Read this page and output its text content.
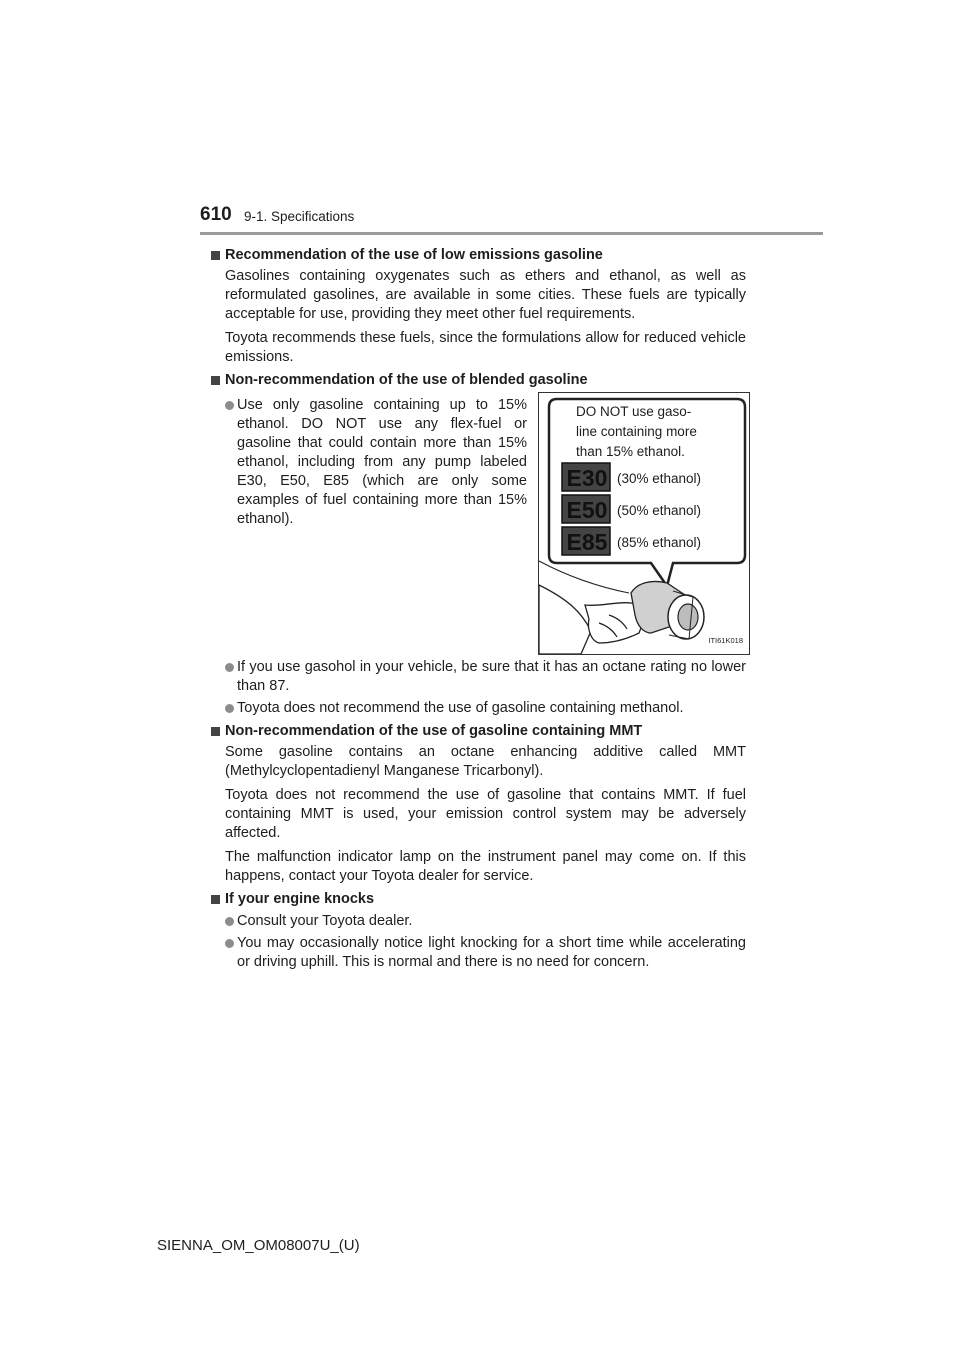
610 9-1. Specifications
Recommendation of the use of low emissions gasoline
Gasolines containing oxygenates such as ethers and ethanol, as well as reformulated gasolines, are available in some cities. These fuels are typically acceptable for use, providing they meet other fuel requirements.
Toyota recommends these fuels, since the formulations allow for reduced vehicle emissions.
Non-recommendation of the use of blended gasoline
Use only gasoline containing up to 15% ethanol. DO NOT use any flex-fuel or gasoline that could contain more than 15% ethanol, including from any pump labeled E30, E50, E85 (which are only some examples of fuel containing more than 15% ethanol).
DO NOT use gaso-
line containing more
than 15% ethanol.
E30 (30% ethanol)
E50 (50% ethanol)
E85 (85% ethanol)
ITI61K018
If you use gasohol in your vehicle, be sure that it has an octane rating no lower than 87.
Toyota does not recommend the use of gasoline containing methanol.
Non-recommendation of the use of gasoline containing MMT
Some gasoline contains an octane enhancing additive called MMT (Methylcyclopentadienyl Manganese Tricarbonyl).
Toyota does not recommend the use of gasoline that contains MMT. If fuel containing MMT is used, your emission control system may be adversely affected.
The malfunction indicator lamp on the instrument panel may come on. If this happens, contact your Toyota dealer for service.
If your engine knocks
Consult your Toyota dealer.
You may occasionally notice light knocking for a short time while accelerating or driving uphill. This is normal and there is no need for concern.
SIENNA_OM_OM08007U_(U)
